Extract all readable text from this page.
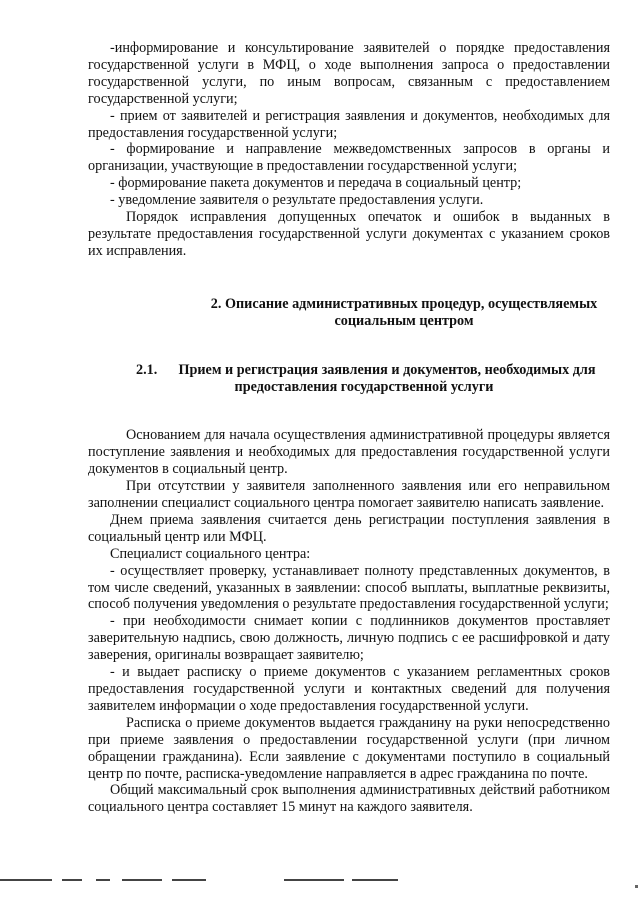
-информирование и консультирование заявителей о порядке предоставления государственной услуги в МФЦ, о ходе выполнения запроса о предоставлении государственной услуги, по иным вопросам, связанным с предоставлением государственной услуги;

- прием от заявителей и регистрация заявления и документов, необходимых для предоставления государственной услуги;

- формирование и направление межведомственных запросов в органы и организации, участвующие в предоставлении государственной услуги;

- формирование пакета документов и передача в социальный центр;

- уведомление заявителя о результате предоставления услуги.

Порядок исправления допущенных опечаток и ошибок в выданных в результате предоставления государственной услуги документах с указанием сроков их исправления.

2. Описание административных процедур, осуществляемых
социальным центром
2.1.	Прием и регистрация заявления и документов, необходимых для
предоставления государственной услуги

Основанием для начала осуществления административной процедуры является поступление заявления и необходимых для предоставления государственной услуги документов в социальный центр.

При отсутствии у заявителя заполненного заявления или его неправильном заполнении специалист социального центра помогает заявителю написать заявление.

Днем приема заявления считается день регистрации поступления заявления в социальный центр или МФЦ.

Специалист социального центра:

- осуществляет проверку, устанавливает полноту представленных документов, в том числе сведений, указанных в заявлении: способ выплаты, выплатные реквизиты, способ получения уведомления о результате предоставления государственной услуги;

- при необходимости снимает копии с подлинников документов проставляет заверительную надпись, свою должность, личную подпись с ее расшифровкой и дату заверения, оригиналы возвращает заявителю;

- и выдает расписку о приеме документов с указанием регламентных сроков предоставления государственной услуги и контактных сведений для получения заявителем информации о ходе предоставления государственной услуги.

Расписка о приеме документов выдается гражданину на руки непосредственно при приеме заявления о предоставлении государственной услуги (при личном обращении гражданина). Если заявление с документами поступило в социальный центр по почте, расписка-уведомление направляется в адрес гражданина по почте.

Общий максимальный срок выполнения административных действий работником социального центра составляет 15 минут на каждого заявителя.
